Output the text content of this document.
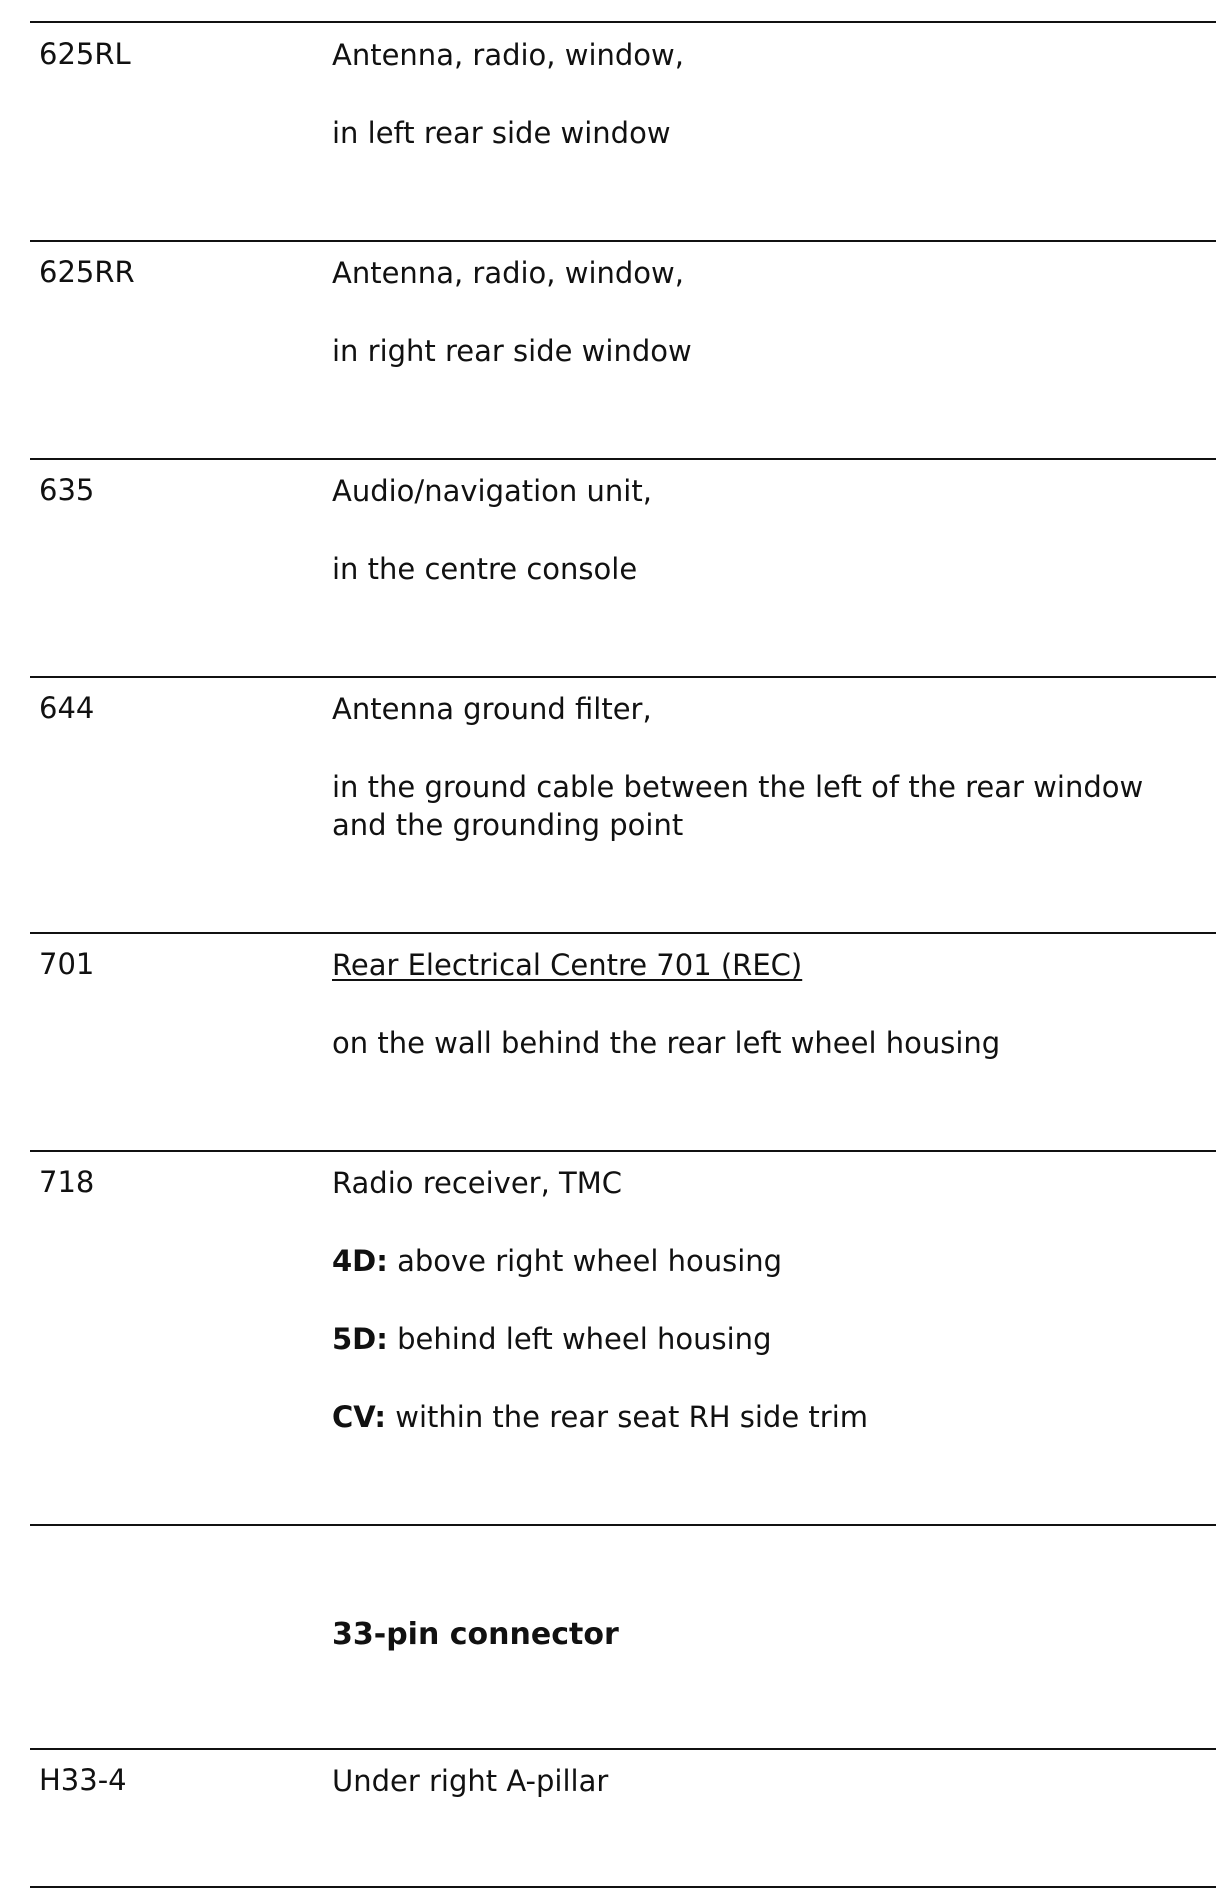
625RL	Antenna, radio, window,
in left rear side window
625RR	Antenna, radio, window,
in right rear side window
635	Audio/navigation unit,
in the centre console
644	Antenna ground filter,
in the ground cable between the left of the rear window and the grounding point
701	Rear Electrical Centre 701 (REC)
on the wall behind the rear left wheel housing
718	Radio receiver, TMC
4D: above right wheel housing
5D: behind left wheel housing
CV: within the rear seat RH side trim
33-pin connector
H33-4	Under right A-pillar
